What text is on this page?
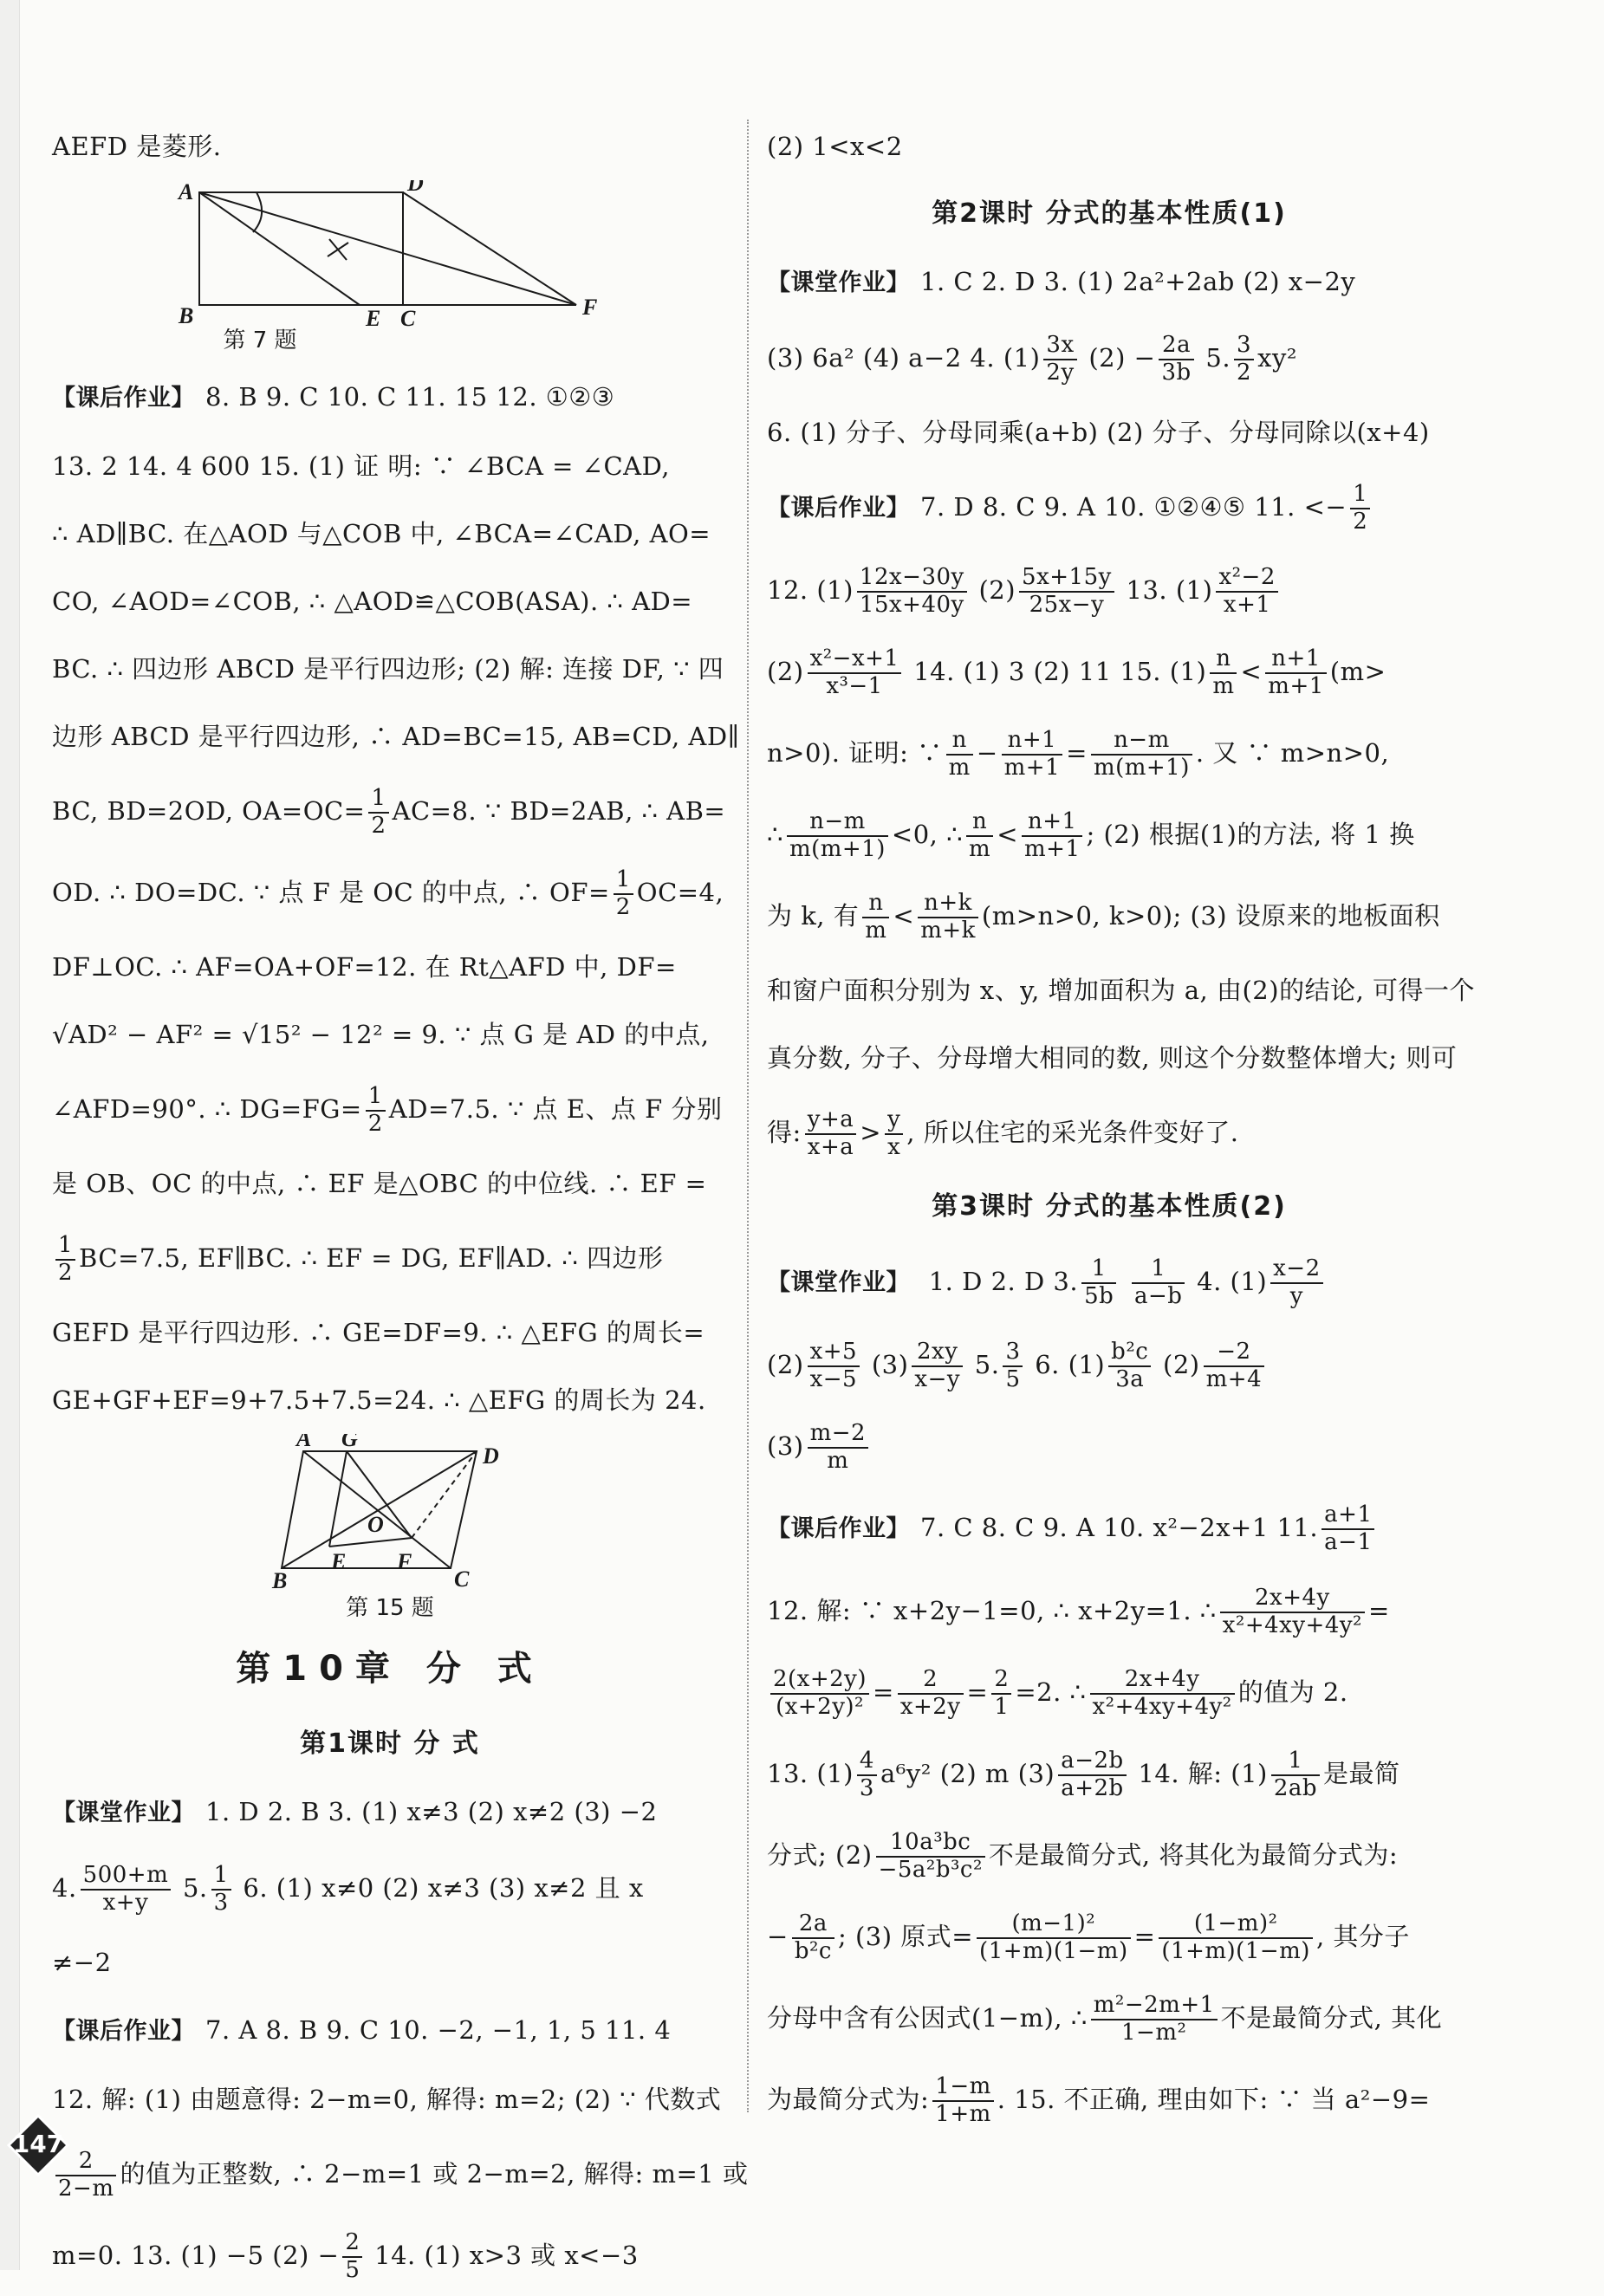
AEFD 是菱形.
A	D
B	E C	F
第 7 题
【课后作业】 8. B 9. C 10. C 11. 15 12. ①②③
13. 2 14. 4 600 15. (1) 证 明: ∵ ∠BCA = ∠CAD,
∴ AD∥BC. 在△AOD 与△COB 中, ∠BCA=∠CAD, AO=
CO, ∠AOD=∠COB, ∴ △AOD≌△COB(ASA). ∴ AD=
BC. ∴ 四边形 ABCD 是平行四边形; (2) 解: 连接 DF, ∵ 四
边形 ABCD 是平行四边形, ∴ AD=BC=15, AB=CD, AD∥
BC, BD=2OD, $OA=OC= \frac{1}{2} AC=8$. ∵ BD=2AB, ∴ AB=
OD. ∴ DO=DC. ∵ 点 F 是 OC 的中点, ∴ $OF= \frac{1}{2} OC=4$,
DF⊥OC. ∴ AF=OA+OF=12. 在 Rt△AFD 中, DF=
√AD² − AF² = √15² − 12² = 9. ∵ 点 G 是 AD 的中点,
∠AFD=90°. ∴ $DG=FG= \frac{1}{2} AD=7.5$. ∵ 点 E、点 F 分别
是 OB、OC 的中点, ∴ EF 是△OBC 的中位线. ∴ EF =
$\frac{1}{2} BC=7.5$, EF∥BC. ∴ EF = DG, EF∥AD. ∴ 四边形
GEFD 是平行四边形. ∴ GE=DF=9. ∴ △EFG 的周长=
GE+GF+EF=9+7.5+7.5=24. ∴ △EFG 的周长为 24.
A G
D
O
B
E F
C
第 15 题
第10章 分 式
第1课时 分 式
【课堂作业】 1. D 2. B 3. (1) x≠3 (2) x≠2 (3) −2
4. $\frac{500+m}{x+y} 5$. $\frac{1}{3} 6$. (1) x≠0 (2) x≠3 (3) x≠2 且 x
≠−2
【课后作业】 7. A 8. B 9. C 10. −2, −1, 1, 5 11. 4
12. 解: (1) 由题意得: 2−m=0, 解得: m=2; (2) ∵ 代数式
$\frac{2}{2-m}$ 的值为正整数, ∴ 2−m=1 或 2−m=2, 解得: m=1 或
m=0. 13. (1) −5 $(2) - \frac{2}{5} 14$. (1) x>3 或 x<−3
(2) 1<x<2
第2课时 分式的基本性质(1)
【课堂作业】 1. C 2. D 3. (1) 2a²+2ab (2) x−2y
(3) 6a² (4) a−2 4. $(1) \frac{3x}{2y} (2) - \frac{2a}{3b} 5$. $\frac{3}{2} xy^2$
6. (1) 分子、分母同乘(a+b) (2) 分子、分母同除以(x+4)
【课后作业】 7. D 8. C 9. A 10. ①②④⑤ 11. <− $\frac{1}{2}$
12. $(1) \frac{12x-30y}{15x+40y} (2) \frac{5x+15y}{25x-y} 13$. $(1) \frac{\text{x²−2}}{x+1}$
$(2) \frac{\text{x²−x+1}}{\text{x³−1}} 14$. (1) 3 (2) 11 15. $(1) \frac{n}{m} < \frac{n+1}{m+1} (m>$
n>0). 证明: ∵ $\frac{n}{m} - \frac{n+1}{m+1} = \frac{n-m}{m(m+1)}$ . 又 ∵ m>n>0,
∴ $\frac{n-m}{m(m+1)} <0$, ∴ $\frac{n}{m} < \frac{n+1}{m+1}$ ; (2) 根据(1)的方法, 将 1 换
为 k, 有 $\frac{n}{m} < \frac{n+k}{m+k} (m>n>0$, k>0); (3) 设原来的地板面积
和窗户面积分别为 x、y, 增加面积为 a, 由(2)的结论, 可得一个
真分数, 分子、分母增大相同的数, 则这个分数整体增大; 则可
得: $\frac{y+a}{x+a} > \frac{y}{x}$ , 所以住宅的采光条件变好了.
第3课时 分式的基本性质(2)
【课堂作业】 1. D 2. D 3. $\frac{1}{5b}$
$\frac{1}{a-b} 4$. $(1) \frac{x-2}{y}$
$(2) \frac{x+5}{x-5} (3) \frac{2xy}{x-y} 5$. $\frac{3}{5} 6$. $(1) \frac{\text{b²c}}{3a} (2) \frac{-2}{m+4}$
$(3) \frac{m-2}{m}$
【课后作业】 7. C 8. C 9. A 10. x²−2x+1 11. $\frac{a+1}{a-1}$
12. 解: ∵ x+2y−1=0, ∴ x+2y=1. ∴ $\frac{2x+4y}{\text{x²+4xy+4y²}}$ =
$\frac{2(x+2y)}{\text{(x+2y)²}} = \frac{2}{x+2y} = \frac{2}{1} =2$. ∴ $\frac{2x+4y}{\text{x²+4xy+4y²}}$ 的值为 2.
13. $(1) \frac{4}{3} a^6y^2$ (2) m $(3) \frac{a-2b}{a+2b} 14$. 解: $(1) \frac{1}{2ab}$ 是最简
分式; $(2) \frac{\text{10a³bc}}{\text{−5a²b³c²}}$ 不是最简分式, 将其化为最简分式为:
− $\frac{2a}{\text{b²c}}$ ; (3) 原式= $\frac{\text{(m−1)²}}{(1+m)(1-m)} = \frac{\text{(1−m)²}}{(1+m)(1-m)}$ , 其分子
分母中含有公因式(1−m), ∴ $\frac{\text{m²−2m+1}}{\text{1−m²}}$ 不是最简分式, 其化
为最简分式为: $\frac{1-m}{1+m}$ . 15. 不正确, 理由如下: ∵ 当 a²−9=
147
